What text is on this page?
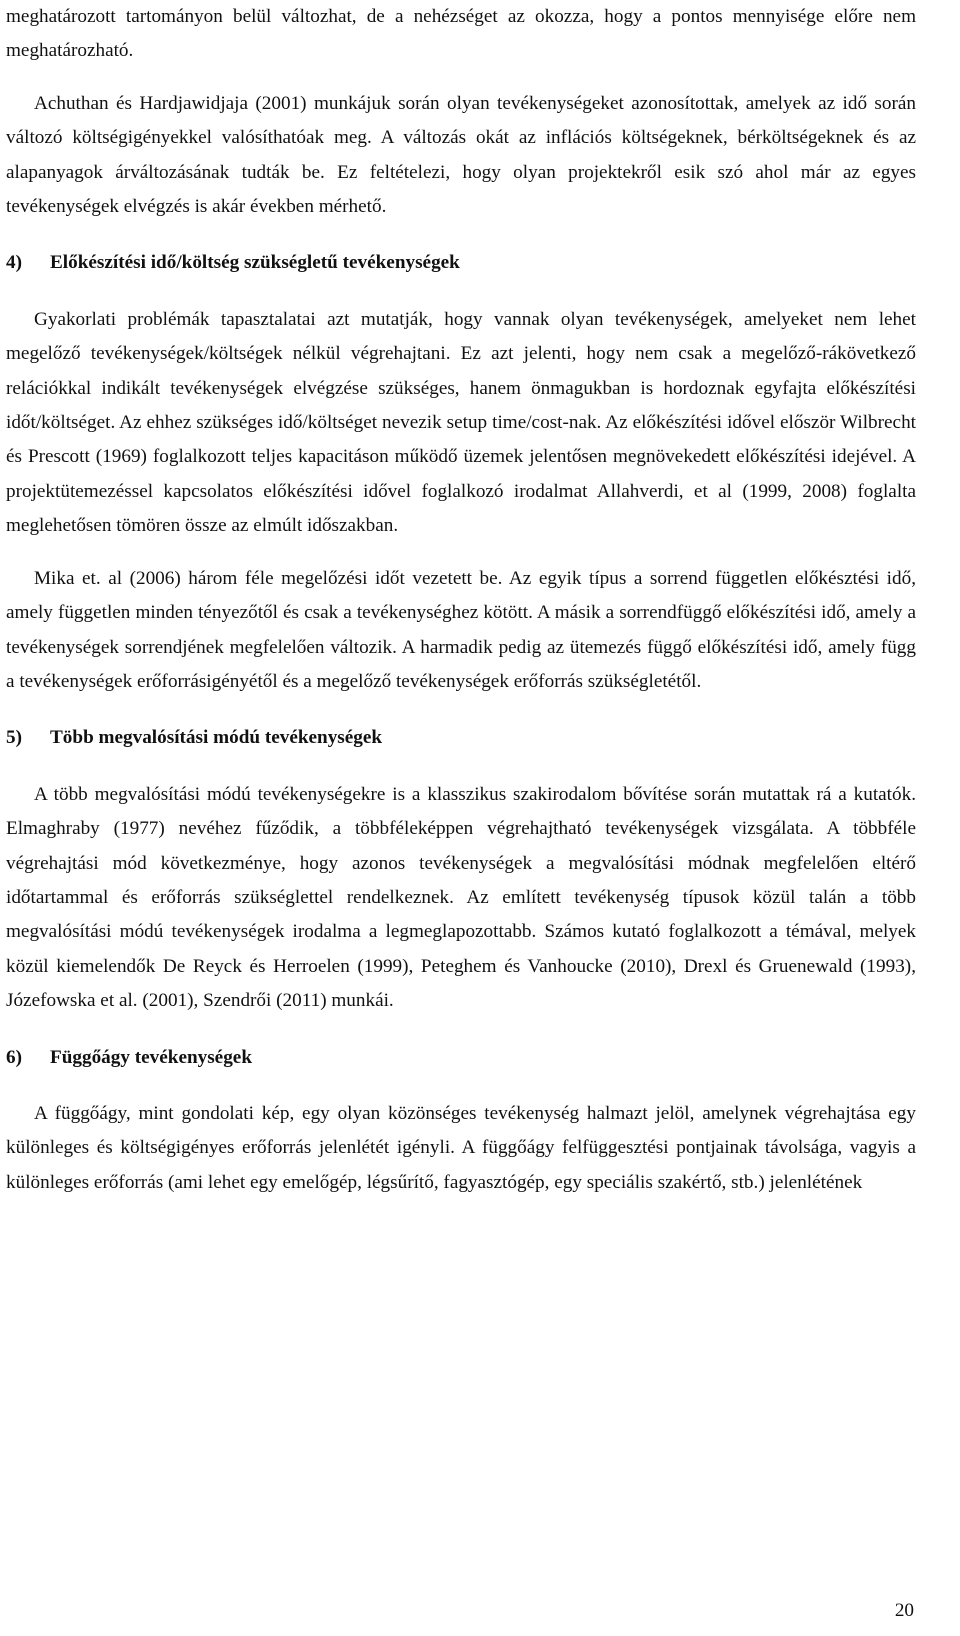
meghatározott tartományon belül változhat, de a nehézséget az okozza, hogy a pontos mennyisége előre nem meghatározható.

Achuthan és Hardjawidjaja (2001) munkájuk során olyan tevékenységeket azonosítottak, amelyek az idő során változó költségigényekkel valósíthatóak meg. A változás okát az inflációs költségeknek, bérköltségeknek és az alapanyagok árváltozásának tudták be. Ez feltételezi, hogy olyan projektekről esik szó ahol már az egyes tevékenységek elvégzés is akár években mérhető.

4) Előkészítési idő/költség szükségletű tevékenységek

Gyakorlati problémák tapasztalatai azt mutatják, hogy vannak olyan tevékenységek, amelyeket nem lehet megelőző tevékenységek/költségek nélkül végrehajtani. Ez azt jelenti, hogy nem csak a megelőző-rákövetkező relációkkal indikált tevékenységek elvégzése szükséges, hanem önmagukban is hordoznak egyfajta előkészítési időt/költséget. Az ehhez szükséges idő/költséget nevezik setup time/cost-nak. Az előkészítési idővel először Wilbrecht és Prescott (1969) foglalkozott teljes kapacitáson működő üzemek jelentősen megnövekedett előkészítési idejével. A projektütemezéssel kapcsolatos előkészítési idővel foglalkozó irodalmat Allahverdi, et al (1999, 2008) foglalta meglehetősen tömören össze az elmúlt időszakban.

Mika et. al (2006) három féle megelőzési időt vezetett be. Az egyik típus a sorrend független előkésztési idő, amely független minden tényezőtől és csak a tevékenységhez kötött. A másik a sorrendfüggő előkészítési idő, amely a tevékenységek sorrendjének megfelelően változik. A harmadik pedig az ütemezés függő előkészítési idő, amely függ a tevékenységek erőforrásigényétől és a megelőző tevékenységek erőforrás szükségletétől.

5) Több megvalósítási módú tevékenységek

A több megvalósítási módú tevékenységekre is a klasszikus szakirodalom bővítése során mutattak rá a kutatók. Elmaghraby (1977) nevéhez fűződik, a többféleképpen végrehajtható tevékenységek vizsgálata. A többféle végrehajtási mód következménye, hogy azonos tevékenységek a megvalósítási módnak megfelelően eltérő időtartammal és erőforrás szükséglettel rendelkeznek. Az említett tevékenység típusok közül talán a több megvalósítási módú tevékenységek irodalma a legmeglapozottabb. Számos kutató foglalkozott a témával, melyek közül kiemelendők De Reyck és Herroelen (1999), Peteghem és Vanhoucke (2010), Drexl és Gruenewald (1993), Józefowska et al. (2001), Szendrői (2011) munkái.

6) Függőágy tevékenységek

A függőágy, mint gondolati kép, egy olyan közönséges tevékenység halmazt jelöl, amelynek végrehajtása egy különleges és költségigényes erőforrás jelenlétét igényli. A függőágy felfüggesztési pontjainak távolsága, vagyis a különleges erőforrás (ami lehet egy emelőgép, légsűrítő, fagyasztógép, egy speciális szakértő, stb.) jelenlétének

20
